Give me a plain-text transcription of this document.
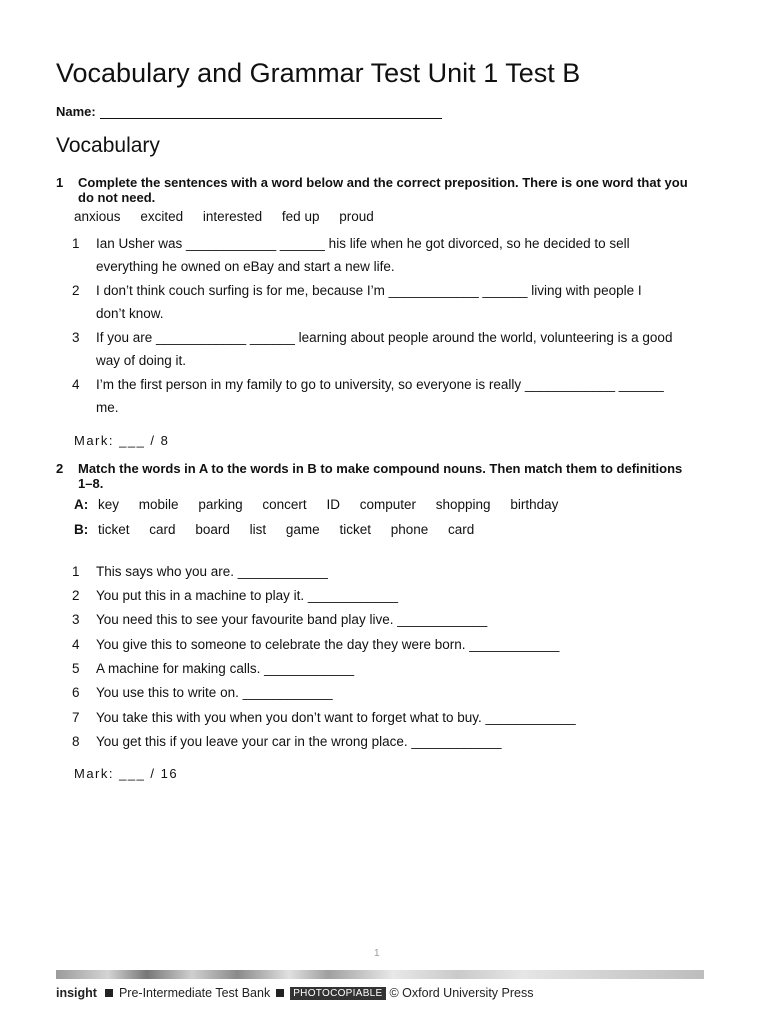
Vocabulary and Grammar Test Unit 1 Test B
Name:
Vocabulary
1 Complete the sentences with a word below and the correct preposition. There is one word that you do not need.
anxious excited interested fed up proud
1 Ian Usher was ____________ ______ his life when he got divorced, so he decided to sell
everything he owned on eBay and start a new life.
2 I don’t think couch surfing is for me, because I’m ____________ ______ living with people I
don’t know.
3 If you are ____________ ______ learning about people around the world, volunteering is a good
way of doing it.
4 I’m the first person in my family to go to university, so everyone is really ____________ ______
me.
Mark: ___ / 8
2 Match the words in A to the words in B to make compound nouns. Then match them to definitions 1–8.
A: key mobile parking concert ID computer shopping birthday
B: ticket card board list game ticket phone card
1 This says who you are. ____________
2 You put this in a machine to play it. ____________
3 You need this to see your favourite band play live. ____________
4 You give this to someone to celebrate the day they were born. ____________
5 A machine for making calls. ____________
6 You use this to write on. ____________
7 You take this with you when you don’t want to forget what to buy. ____________
8 You get this if you leave your car in the wrong place. ____________
Mark: ___ / 16
1
insight Pre-Intermediate Test Bank	PHOTOCOPIABLE © Oxford University Press
